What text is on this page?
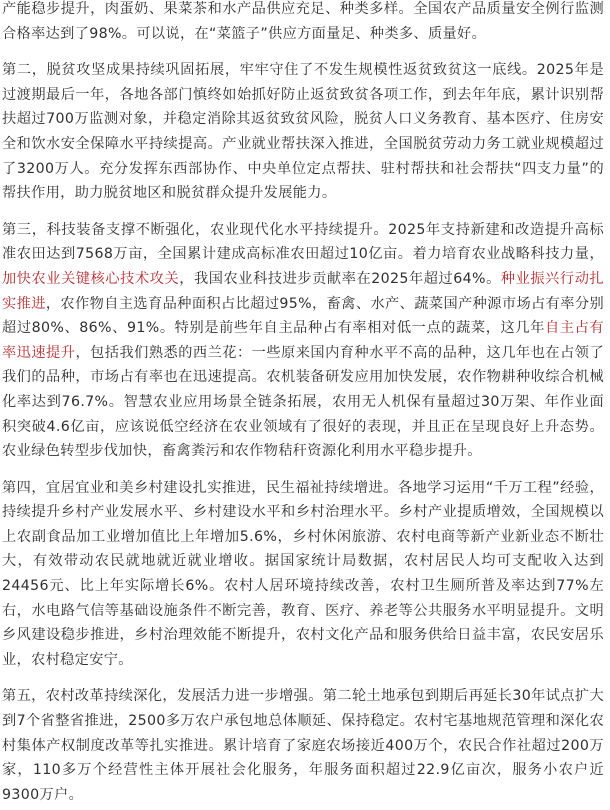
产能稳步提升，肉蛋奶、果菜茶和水产品供应充足、种类多样。全国农产品质量安全例行监测合格率达到了98%。可以说，在“菜篮子”供应方面量足、种类多、质量好。

第二，脱贫攻坚成果持续巩固拓展，牢牢守住了不发生规模性返贫致贫这一底线。2025年是过渡期最后一年，各地各部门慎终如始抓好防止返贫致贫各项工作，到去年年底，累计识别帮扶超过700万监测对象，并稳定消除其返贫致贫风险，脱贫人口义务教育、基本医疗、住房安全和饮水安全保障水平持续提高。产业就业帮扶深入推进，全国脱贫劳动力务工就业规模超过了3200万人。充分发挥东西部协作、中央单位定点帮扶、驻村帮扶和社会帮扶“四支力量”的帮扶作用，助力脱贫地区和脱贫群众提升发展能力。

第三，科技装备支撑不断强化，农业现代化水平持续提升。2025年支持新建和改造提升高标准农田达到7568万亩，全国累计建成高标准农田超过10亿亩。着力培育农业战略科技力量，加快农业关键核心技术攻关，我国农业科技进步贡献率在2025年超过64%。种业振兴行动扎实推进，农作物自主选育品种面积占比超过95%，畜禽、水产、蔬菜国产种源市场占有率分别超过80%、86%、91%。特别是前些年自主品种占有率相对低一点的蔬菜，这几年自主占有率迅速提升，包括我们熟悉的西兰花：一些原来国内育种水平不高的品种，这几年也在占领了我们的品种，市场占有率也在迅速提高。农机装备研发应用加快发展，农作物耕种收综合机械化率达到76.7%。智慧农业应用场景全链条拓展，农用无人机保有量超过30万架、年作业面积突破4.6亿亩，应该说低空经济在农业领域有了很好的表现，并且正在呈现良好上升态势。农业绿色转型步伐加快，畜禽粪污和农作物秸秆资源化利用水平稳步提升。

第四，宜居宜业和美乡村建设扎实推进，民生福祉持续增进。各地学习运用“千万工程”经验，持续提升乡村产业发展水平、乡村建设水平和乡村治理水平。乡村产业提质增效，全国规模以上农副食品加工业增加值比上年增加5.6%，乡村休闲旅游、农村电商等新产业新业态不断壮大，有效带动农民就地就近就业增收。据国家统计局数据，农村居民人均可支配收入达到24456元、比上年实际增长6%。农村人居环境持续改善，农村卫生厕所普及率达到77%左右，水电路气信等基础设施条件不断完善，教育、医疗、养老等公共服务水平明显提升。文明乡风建设稳步推进，乡村治理效能不断提升，农村文化产品和服务供给日益丰富，农民安居乐业，农村稳定安宁。

第五，农村改革持续深化，发展活力进一步增强。第二轮土地承包到期后再延长30年试点扩大到7个省整省推进，2500多万农户承包地总体顺延、保持稳定。农村宅基地规范管理和深化农村集体产权制度改革等扎实推进。累计培育了家庭农场接近400万个，农民合作社超过200万家，110多万个经营性主体开展社会化服务，年服务面积超过22.9亿亩次，服务小农户近9300万户。
